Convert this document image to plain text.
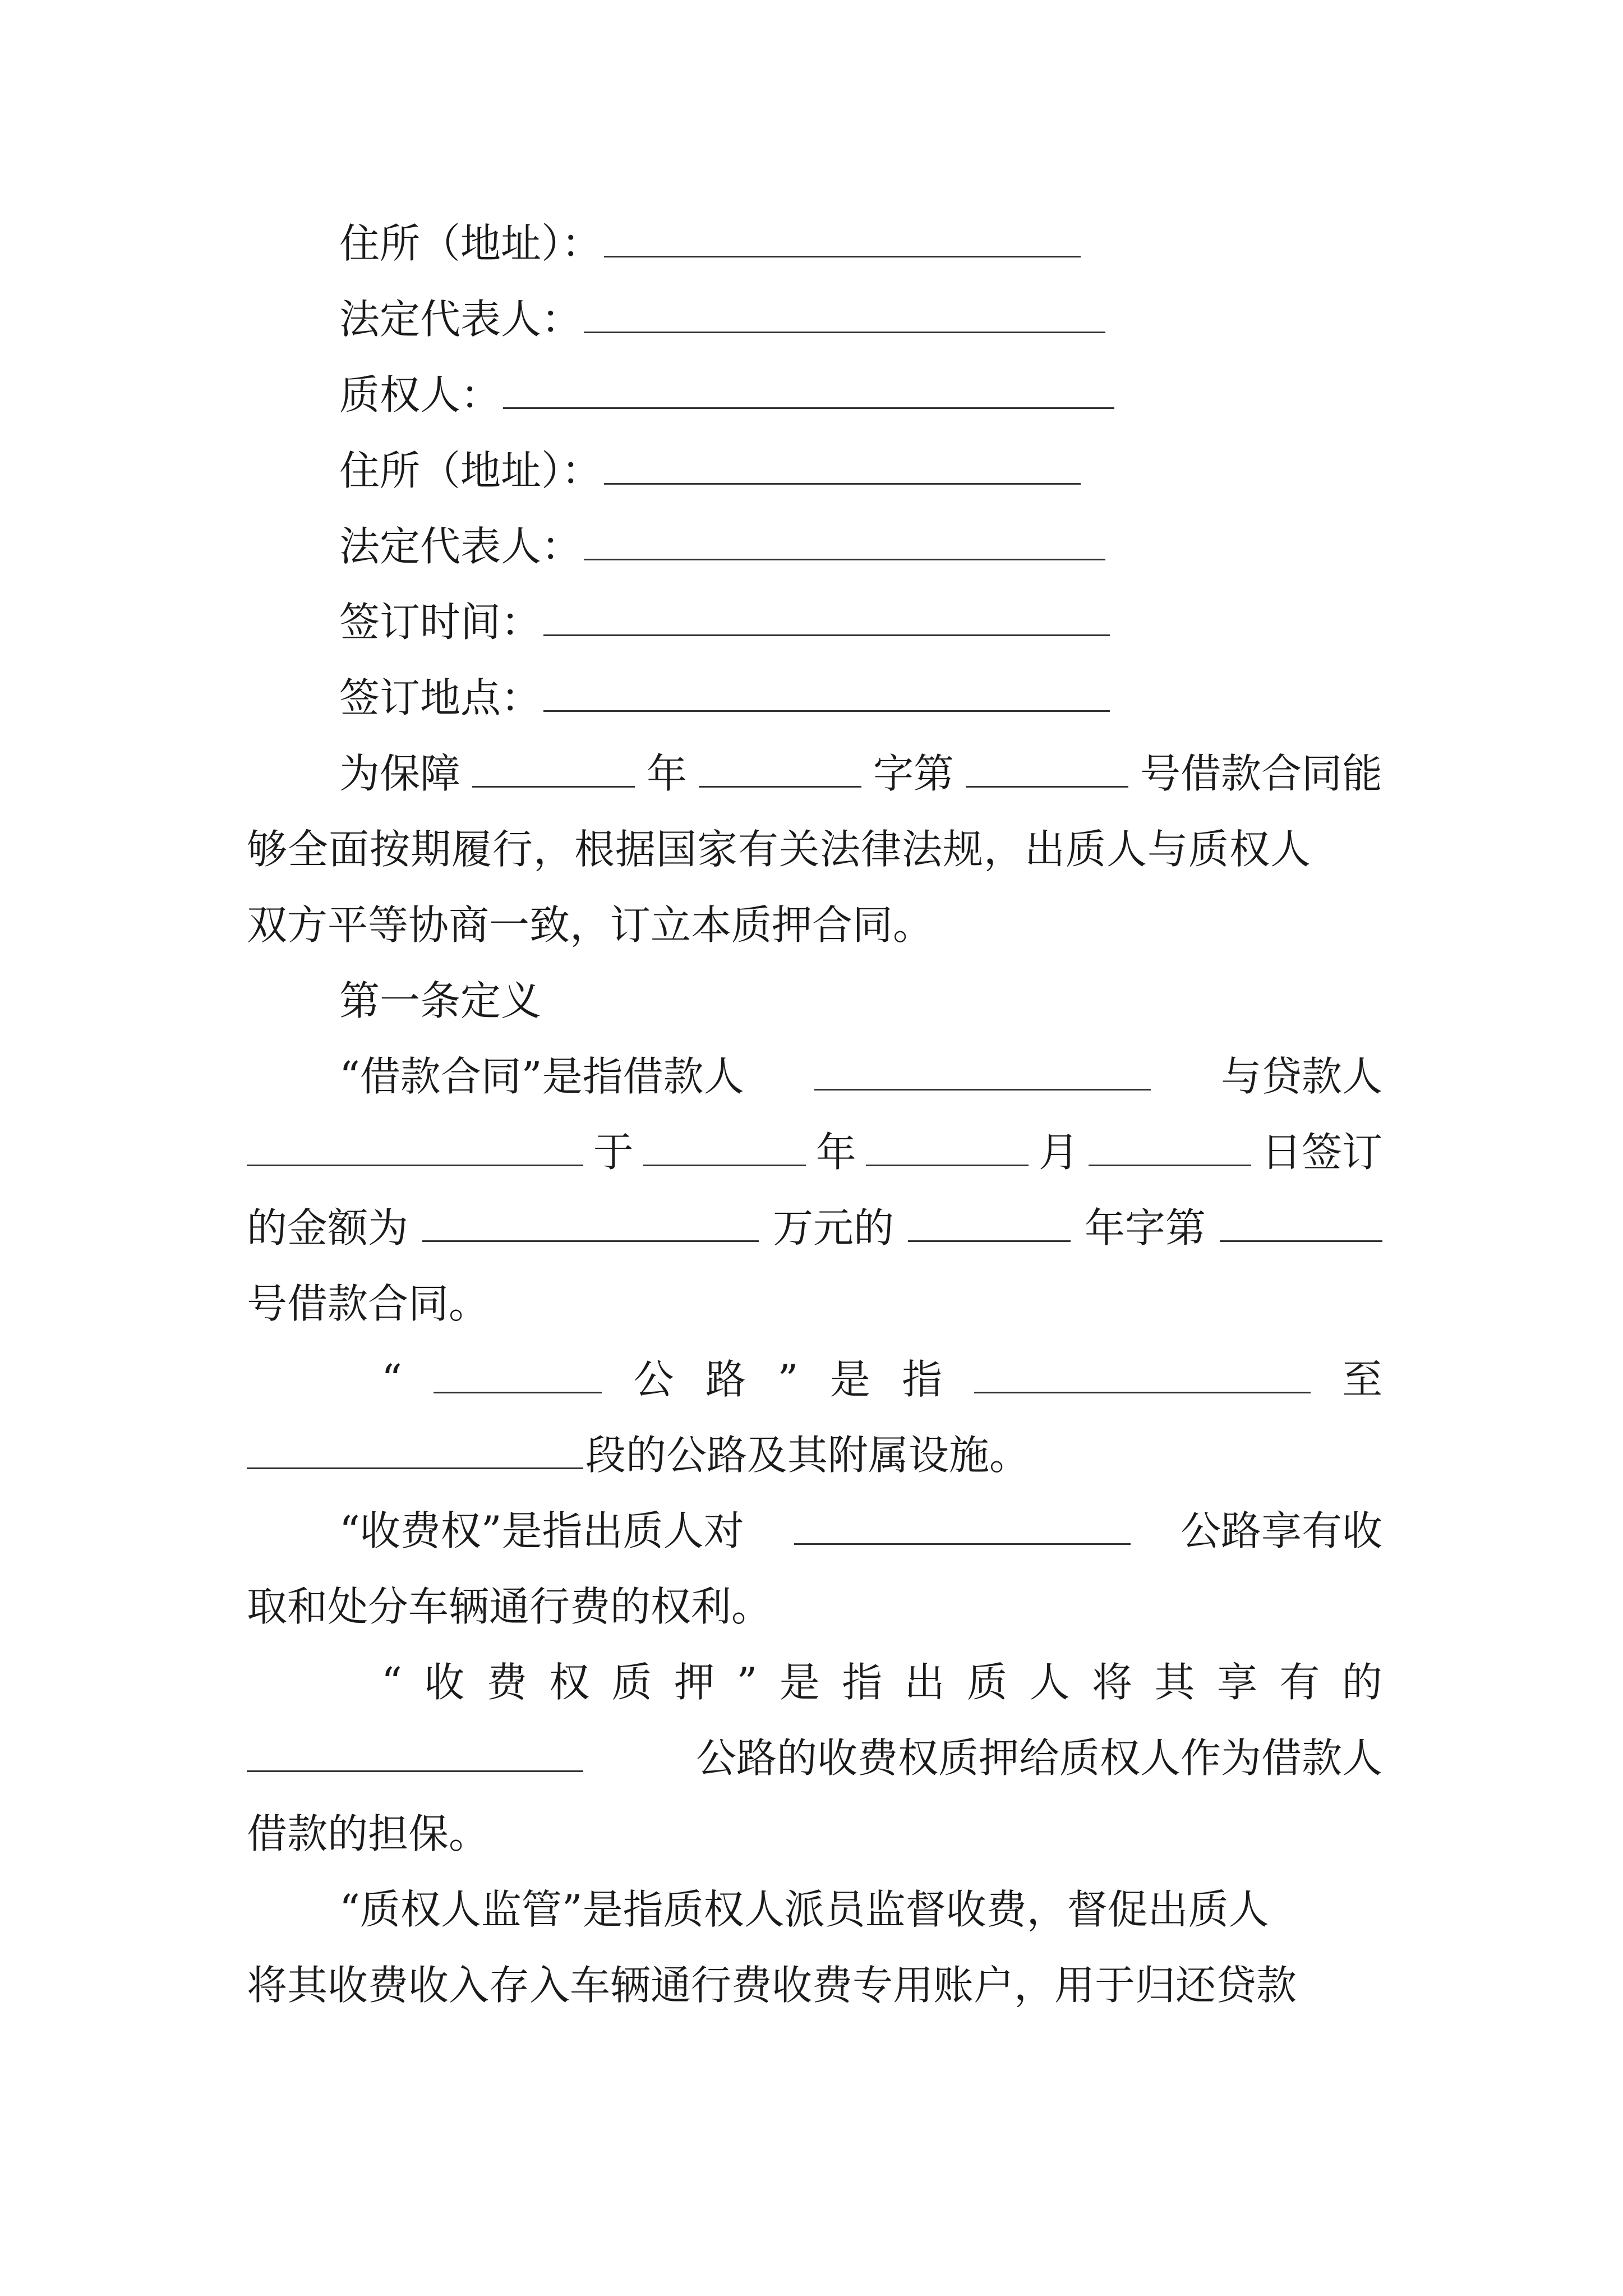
住所（地址）：
法定代表人：
质权人：
住所（地址）：
法定代表人：
签订时间：
签订地点：
为保障	年	字第	号借款合同能
够全面按期履行，根据国家有关法律法规，出质人与质权人
双方平等协商一致，订立本质押合同。
第一条定义
“借款合同”是指借款人	与贷款人
于	年	月	日签订
的金额为	万元的	年字第
号借款合同。
“	公 路 ” 是 指	至
段的公路及其附属设施。
“收费权”是指出质人对	公路享有收
取和处分车辆通行费的权利。
“ 收 费 权 质 押 ” 是 指 出 质 人 将 其 享 有 的
公路的收费权质押给质权人作为借款人
借款的担保。
“质权人监管”是指质权人派员监督收费，督促出质人
将其收费收入存入车辆通行费收费专用账户，用于归还贷款
